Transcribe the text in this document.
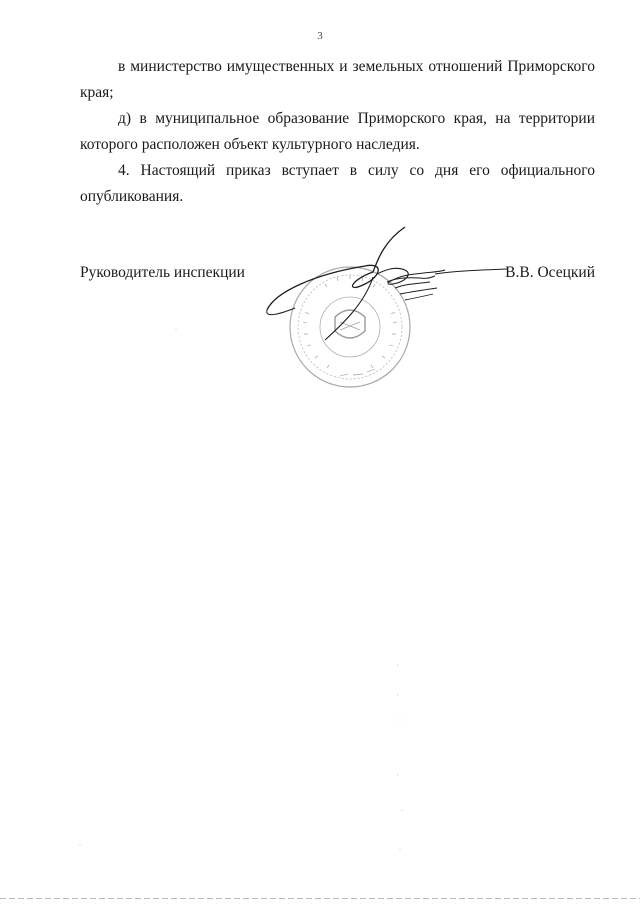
3

в министерство имущественных и земельных отношений Приморского края;

д) в муниципальное образование Приморского края, на территории которого расположен объект культурного наследия.

4. Настоящий приказ вступает в силу со дня его официального опубликования.

Руководитель инспекции	В.В. Осецкий
